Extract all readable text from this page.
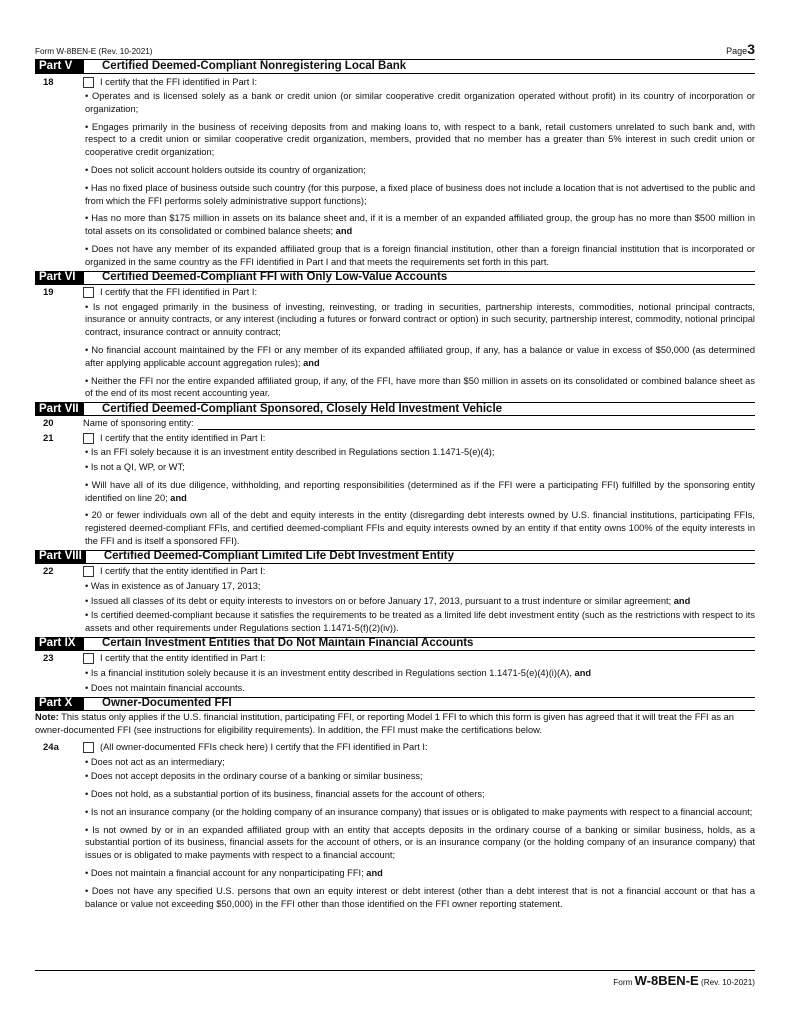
Form W-8BEN-E (Rev. 10-2021)	Page3
Part V	Certified Deemed-Compliant Nonregistering Local Bank
18	I certify that the FFI identified in Part I:

• Operates and is licensed solely as a bank or credit union (or similar cooperative credit organization operated without profit) in its country of incorporation or organization;

• Engages primarily in the business of receiving deposits from and making loans to, with respect to a bank, retail customers unrelated to such bank and, with respect to a credit union or similar cooperative credit organization, members, provided that no member has a greater than 5% interest in such credit union or cooperative credit organization;

• Does not solicit account holders outside its country of organization;

• Has no fixed place of business outside such country (for this purpose, a fixed place of business does not include a location that is not advertised to the public and from which the FFI performs solely administrative support functions);

• Has no more than $175 million in assets on its balance sheet and, if it is a member of an expanded affiliated group, the group has no more than $500 million in total assets on its consolidated or combined balance sheets; and

• Does not have any member of its expanded affiliated group that is a foreign financial institution, other than a foreign financial institution that is incorporated or organized in the same country as the FFI identified in Part I and that meets the requirements set forth in this part.

Part VI	Certified Deemed-Compliant FFI with Only Low-Value Accounts
19	I certify that the FFI identified in Part I:

• Is not engaged primarily in the business of investing, reinvesting, or trading in securities, partnership interests, commodities, notional principal contracts, insurance or annuity contracts, or any interest (including a futures or forward contract or option) in such security, partnership interest, commodity, notional principal contract, insurance contract or annuity contract;

• No financial account maintained by the FFI or any member of its expanded affiliated group, if any, has a balance or value in excess of $50,000 (as determined after applying applicable account aggregation rules); and

• Neither the FFI nor the entire expanded affiliated group, if any, of the FFI, have more than $50 million in assets on its consolidated or combined balance sheet as of the end of its most recent accounting year.

Part VII	Certified Deemed-Compliant Sponsored, Closely Held Investment Vehicle
20	Name of sponsoring entity:
21	I certify that the entity identified in Part I:

• Is an FFI solely because it is an investment entity described in Regulations section 1.1471-5(e)(4);

• Is not a QI, WP, or WT;

• Will have all of its due diligence, withholding, and reporting responsibilities (determined as if the FFI were a participating FFI) fulfilled by the sponsoring entity identified on line 20; and

• 20 or fewer individuals own all of the debt and equity interests in the entity (disregarding debt interests owned by U.S. financial institutions, participating FFIs, registered deemed-compliant FFIs, and certified deemed-compliant FFIs and equity interests owned by an entity if that entity owns 100% of the equity interests in the FFI and is itself a sponsored FFI).

Part VIII	Certified Deemed-Compliant Limited Life Debt Investment Entity
22	I certify that the entity identified in Part I:

• Was in existence as of January 17, 2013;

• Issued all classes of its debt or equity interests to investors on or before January 17, 2013, pursuant to a trust indenture or similar agreement; and

• Is certified deemed-compliant because it satisfies the requirements to be treated as a limited life debt investment entity (such as the restrictions with respect to its assets and other requirements under Regulations section 1.1471-5(f)(2)(iv)).

Part IX	Certain Investment Entities that Do Not Maintain Financial Accounts
23	I certify that the entity identified in Part I:

• Is a financial institution solely because it is an investment entity described in Regulations section 1.1471-5(e)(4)(i)(A), and

• Does not maintain financial accounts.

Part X	Owner-Documented FFI

Note: This status only applies if the U.S. financial institution, participating FFI, or reporting Model 1 FFI to which this form is given has agreed that it will treat the FFI as an owner-documented FFI (see instructions for eligibility requirements). In addition, the FFI must make the certifications below.

24a	(All owner-documented FFIs check here) I certify that the FFI identified in Part I:

• Does not act as an intermediary;

• Does not accept deposits in the ordinary course of a banking or similar business;

• Does not hold, as a substantial portion of its business, financial assets for the account of others;

• Is not an insurance company (or the holding company of an insurance company) that issues or is obligated to make payments with respect to a financial account;

• Is not owned by or in an expanded affiliated group with an entity that accepts deposits in the ordinary course of a banking or similar business, holds, as a substantial portion of its business, financial assets for the account of others, or is an insurance company (or the holding company of an insurance company) that issues or is obligated to make payments with respect to a financial account;

• Does not maintain a financial account for any nonparticipating FFI; and

• Does not have any specified U.S. persons that own an equity interest or debt interest (other than a debt interest that is not a financial account or that has a balance or value not exceeding $50,000) in the FFI other than those identified on the FFI owner reporting statement.

Form W-8BEN-E (Rev. 10-2021)
